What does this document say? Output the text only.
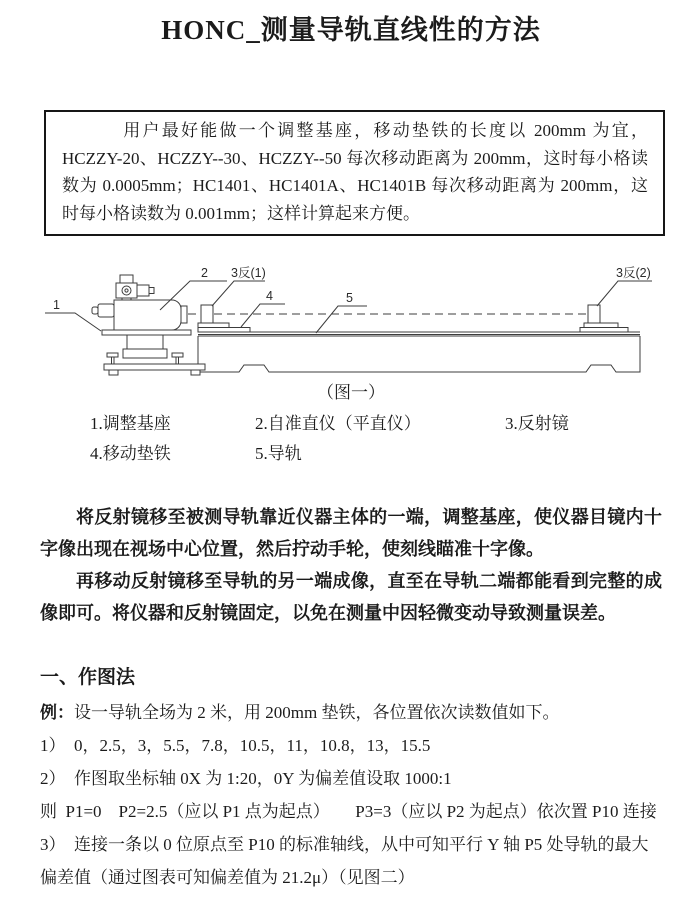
HONC_测量导轨直线性的方法
用户最好能做一个调整基座，移动垫铁的长度以 200mm 为宜，HCZZY-20、HCZZY--30、HCZZY--50 每次移动距离为 200mm，这时每小格读数为 0.0005mm；HC1401、HC1401A、HC1401B 每次移动距离为 200mm，这时每小格读数为 0.001mm；这样计算起来方便。
1
2 3反(1)
4	5
3反(2)
（图一）
1.调整基座	2.自准直仪（平直仪）	3.反射镜
4.移动垫铁	5.导轨

将反射镜移至被测导轨靠近仪器主体的一端，调整基座，使仪器目镜内十字像出现在视场中心位置，然后拧动手轮，使刻线瞄准十字像。

再移动反射镜移至导轨的另一端成像，直至在导轨二端都能看到完整的成像即可。将仪器和反射镜固定，以免在测量中因轻微变动导致测量误差。

一、作图法
例：设一导轨全场为 2 米，用 200mm 垫铁，各位置依次读数值如下。
1）  0，2.5，3，5.5，7.8，10.5，11，10.8，13，15.5
2）  作图取坐标轴 0X 为 1:20，0Y 为偏差值设取 1000:1
则  P1=0    P2=2.5（应以 P1 点为起点）      P3=3（应以 P2 为起点）依次置 P10 连接
3）  连接一条以 0 位原点至 P10 的标准轴线，从中可知平行 Y 轴 P5 处导轨的最大
偏差值（通过图表可知偏差值为 21.2μ）（见图二）
